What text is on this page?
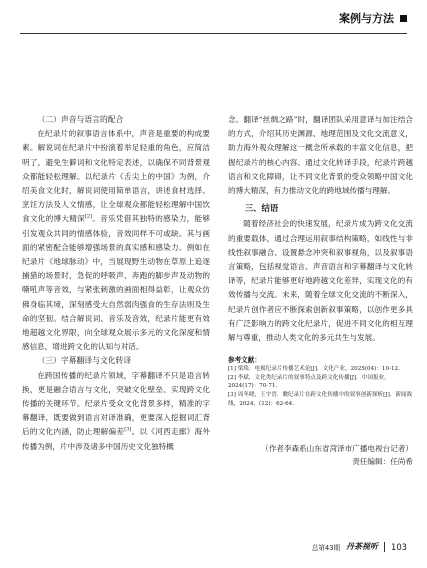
案例与方法
（二）声音与语言的配合

在纪录片的叙事语言体系中，声音是重要的构成要素。解说词在纪录片中扮演着举足轻重的角色，应简洁明了，避免生僻词和文化特定表述，以确保不同背景观众都能轻松理解。以纪录片《舌尖上的中国》为例，介绍美食文化时，解说词使用简单语言，讲述食材选择、烹饪方法及人文情感，让全球观众都能轻松理解中国饮食文化的博大精深[2]。音乐凭借其独特的感染力，能够引发观众共同的情感体验，音效同样不可或缺。其与画面的紧密配合能够增强场景的真实感和感染力。例如在纪录片《地球脉动》中，当展现野生动物在草原上追逐捕猎的场景时，急促的呼吸声、奔跑的脚步声及动物的嘶吼声等音效，与紧张刺激的画面相得益彰，让观众仿佛身临其境，深刻感受大自然弱肉强食的生存法则及生命的坚韧。结合解说词、音乐及音效，纪录片能更有效地超越文化界限，向全球观众展示多元的文化深度和情感信息，增进跨文化的认知与对话。

（三）字幕翻译与文化转译

在跨国传播的纪录片领域，字幕翻译不只是语言转换，更是融合语言与文化，突破文化壁垒、实现跨文化传播的关键环节。纪录片受众文化背景多样，精准的字幕翻译，既要做到语言对译准确，更要深入挖掘词汇背后的文化内涵，防止理解偏差[3]。以《河西走廊》海外传播为例，片中涉及诸多中国历史文化独特概

念。翻译“丝绸之路”时，翻译团队采用意译与加注结合的方式，介绍其历史渊源、地理范围及文化交流意义，助力海外观众理解这一概念所承载的丰富文化信息，把握纪录片的核心内容。通过文化转译手段，纪录片跨越语言和文化障碍，让不同文化背景的受众领略中国文化的博大精深，有力推动文化的跨地域传播与理解。

三、结语

随着经济社会的快速发展，纪录片成为跨文化交流的重要载体，通过合理运用叙事结构策略，如线性与非线性叙事融合、设置悬念冲突和叙事视角，以及叙事语言策略，包括视觉语言、声音语言和字幕翻译与文化转译等，纪录片能够更好地跨越文化差异，实现文化的有效传播与交流。未来，随着全球文化交流的不断深入，纪录片创作者应不断探索创新叙事策略，以创作更多具有广泛影响力的跨文化纪录片，促进不同文化的相互理解与尊重，推动人类文化的多元共生与发展。

参考文献：
[1] 梁琰．电视纪录片传播艺术论[J]．文化产业，2025(04)：10-12.
[2] 李斌．文化类纪录片的叙事特点及跨文化传播[J]．中国报业，2024(17)：70-71.
[3] 周冬晓，王宇晋．數纪录片在跨文化传播中的叙事创新探析[J]．新闻战线，2024，(12)：62-64.
（作者李森系山东省菏泽市广播电视台记者）
责任编辑：任尚希
总第43期 丹茶视听 103
